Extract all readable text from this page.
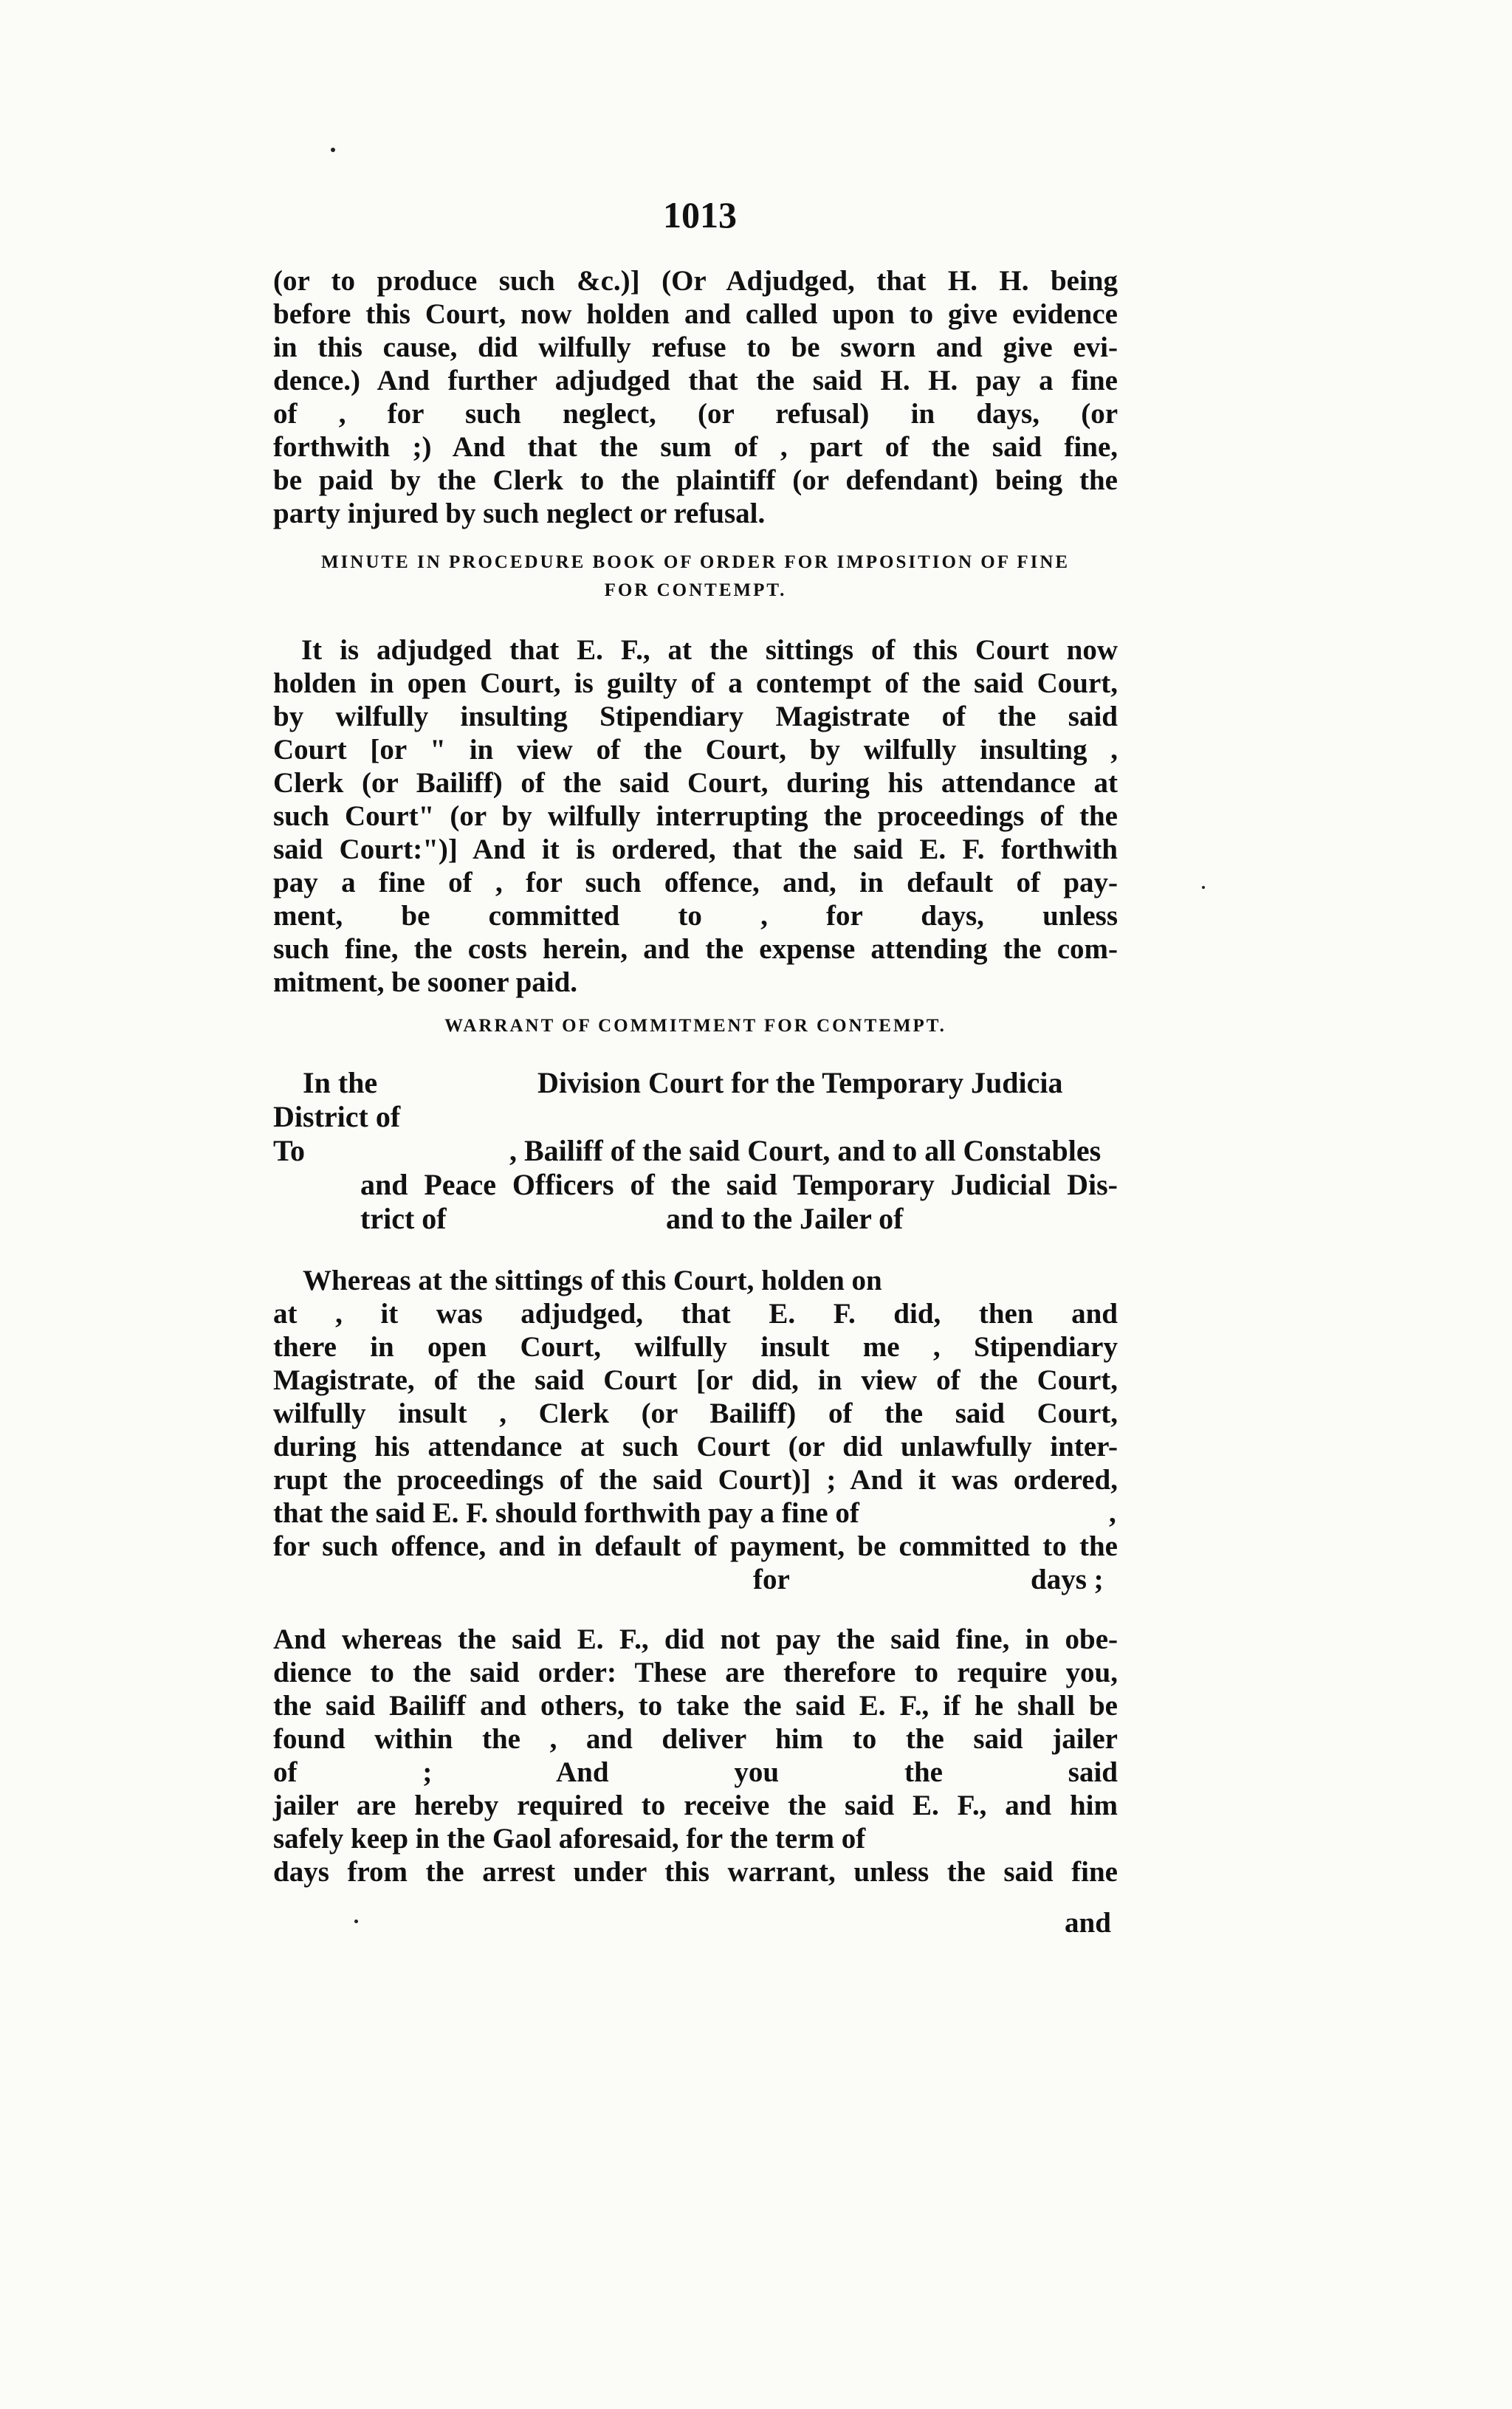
1013
(or to produce such &c.)] (Or Adjudged, that H. H. being
before this Court, now holden and called upon to give evidence
in this cause, did wilfully refuse to be sworn and give evi-
dence.) And further adjudged that the said H. H. pay a fine
of , for such neglect, (or refusal) in days, (or
forthwith ;) And that the sum of , part of the said fine,
be paid by the Clerk to the plaintiff (or defendant) being the
party injured by such neglect or refusal.
MINUTE IN PROCEDURE BOOK OF ORDER FOR IMPOSITION OF FINE
FOR CONTEMPT.
It is adjudged that E. F., at the sittings of this Court now
holden in open Court, is guilty of a contempt of the said Court,
by wilfully insulting Stipendiary Magistrate of the said
Court [or " in view of the Court, by wilfully insulting ,
Clerk (or Bailiff) of the said Court, during his attendance at
such Court" (or by wilfully interrupting the proceedings of the
said Court:")] And it is ordered, that the said E. F. forthwith
pay a fine of , for such offence, and, in default of pay-
ment, be committed to , for days, unless
such fine, the costs herein, and the expense attending the com-
mitment, be sooner paid.
WARRANT OF COMMITMENT FOR CONTEMPT.
In the	Division Court for the Temporary Judicia
District of
To	, Bailiff of the said Court, and to all Constables
and Peace Officers of the said Temporary Judicial Dis-
trict of	and to the Jailer of
Whereas at the sittings of this Court, holden on
at , it was adjudged, that E. F. did, then and
there in open Court, wilfully insult me , Stipendiary
Magistrate, of the said Court [or did, in view of the Court,
wilfully insult , Clerk (or Bailiff) of the said Court,
during his attendance at such Court (or did unlawfully inter-
rupt the proceedings of the said Court)] ; And it was ordered,
that the said E. F. should forthwith pay a fine of	,
for such offence, and in default of payment, be committed to the
for	days ;
And whereas the said E. F., did not pay the said fine, in obe-
dience to the said order: These are therefore to require you,
the said Bailiff and others, to take the said E. F., if he shall be
found within the , and deliver him to the said jailer
of ; And you the said
jailer are hereby required to receive the said E. F., and him
safely keep in the Gaol aforesaid, for the term of
days from the arrest under this warrant, unless the said fine
and
